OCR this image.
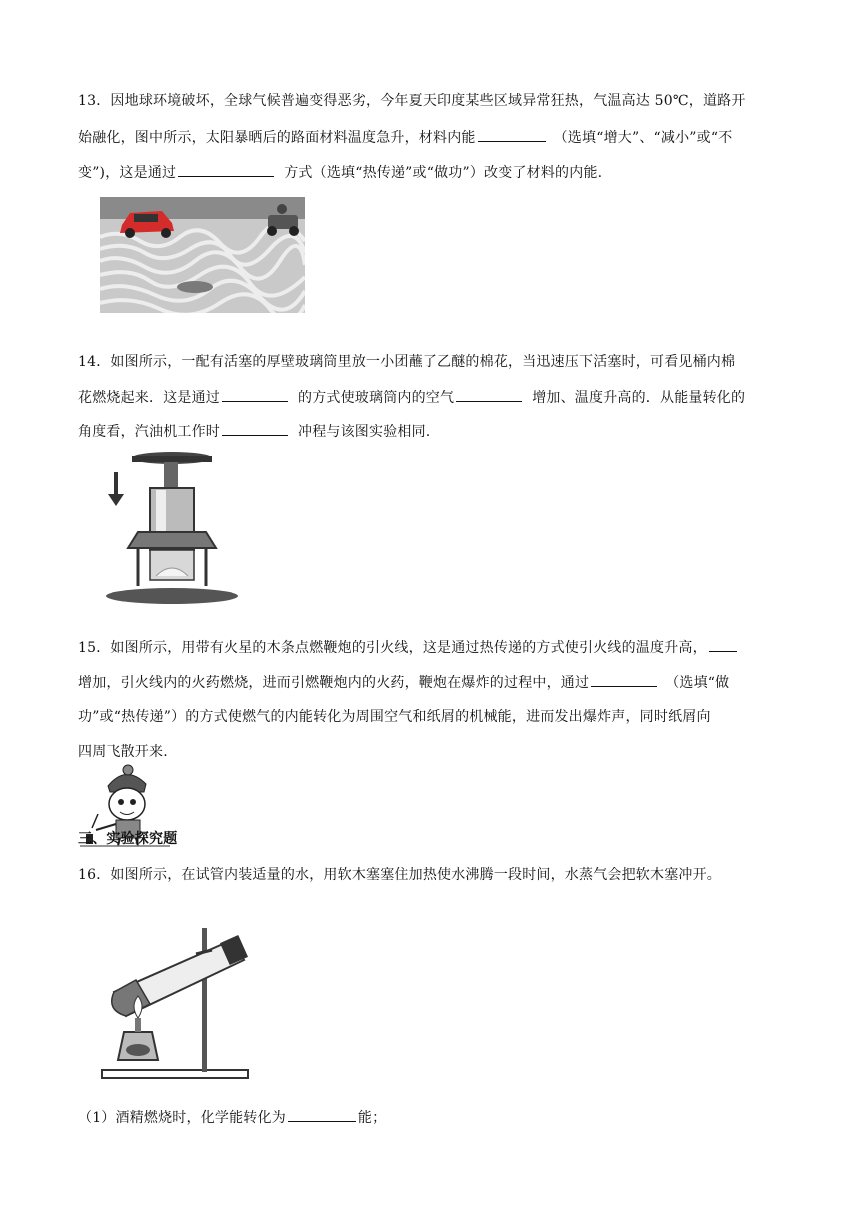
13．因地球环境破坏，全球气候普遍变得恶劣，今年夏天印度某些区域异常狂热，气温高达 50℃，道路开
始融化，图中所示，太阳暴晒后的路面材料温度急升，材料内能	（选填“增大”、“减小”或“不
变”)，这是通过	方式（选填“热传递”或“做功”）改变了材料的内能.
14．如图所示，一配有活塞的厚壁玻璃筒里放一小团蘸了乙醚的棉花，当迅速压下活塞时，可看见桶内棉
花燃烧起来．这是通过	的方式使玻璃筒内的空气	增加、温度升高的．从能量转化的
角度看，汽油机工作时	冲程与该图实验相同.
15．如图所示，用带有火星的木条点燃鞭炮的引火线，这是通过热传递的方式使引火线的温度升高，
增加，引火线内的火药燃烧，进而引燃鞭炮内的火药，鞭炮在爆炸的过程中，通过	（选填“做
功”或“热传递”）的方式使燃气的内能转化为周围空气和纸屑的机械能，进而发出爆炸声，同时纸屑向
四周飞散开来.
三、实验探究题
16．如图所示，在试管内装适量的水，用软木塞塞住加热使水沸腾一段时间，水蒸气会把软木塞冲开。
（1）酒精燃烧时，化学能转化为	能；
